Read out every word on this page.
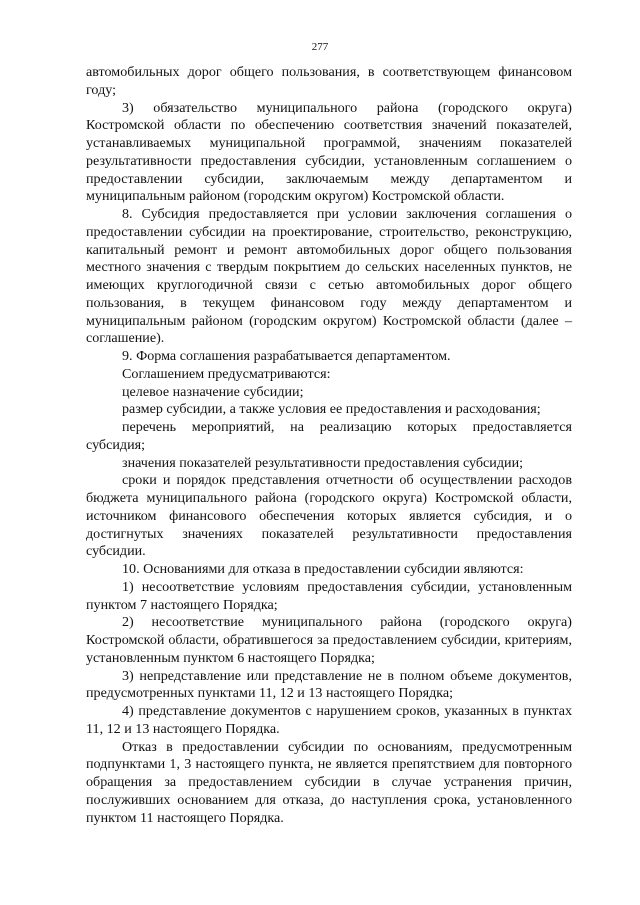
277

автомобильных дорог общего пользования, в соответствующем финансовом году;

3) обязательство муниципального района (городского округа) Костромской области по обеспечению соответствия значений показателей, устанавливаемых муниципальной программой, значениям показателей результативности предоставления субсидии, установленным соглашением о предоставлении субсидии, заключаемым между департаментом и муниципальным районом (городским округом) Костромской области.

8. Субсидия предоставляется при условии заключения соглашения о предоставлении субсидии на проектирование, строительство, реконструкцию, капитальный ремонт и ремонт автомобильных дорог общего пользования местного значения с твердым покрытием до сельских населенных пунктов, не имеющих круглогодичной связи с сетью автомобильных дорог общего пользования, в текущем финансовом году между департаментом и муниципальным районом (городским округом) Костромской области (далее – соглашение).

9. Форма соглашения разрабатывается департаментом.

Соглашением предусматриваются:

целевое назначение субсидии;

размер субсидии, а также условия ее предоставления и расходования;

перечень мероприятий, на реализацию которых предоставляется субсидия;

значения показателей результативности предоставления субсидии;

сроки и порядок представления отчетности об осуществлении расходов бюджета муниципального района (городского округа) Костромской области, источником финансового обеспечения которых является субсидия, и о достигнутых значениях показателей результативности предоставления субсидии.

10. Основаниями для отказа в предоставлении субсидии являются:

1) несоответствие условиям предоставления субсидии, установленным пунктом 7 настоящего Порядка;

2) несоответствие муниципального района (городского округа) Костромской области, обратившегося за предоставлением субсидии, критериям, установленным пунктом 6 настоящего Порядка;

3) непредставление или представление не в полном объеме документов, предусмотренных пунктами 11, 12 и 13 настоящего Порядка;

4) представление документов с нарушением сроков, указанных в пунктах 11, 12 и 13 настоящего Порядка.

Отказ в предоставлении субсидии по основаниям, предусмотренным подпунктами 1, 3 настоящего пункта, не является препятствием для повторного обращения за предоставлением субсидии в случае устранения причин, послуживших основанием для отказа, до наступления срока, установленного пунктом 11 настоящего Порядка.
